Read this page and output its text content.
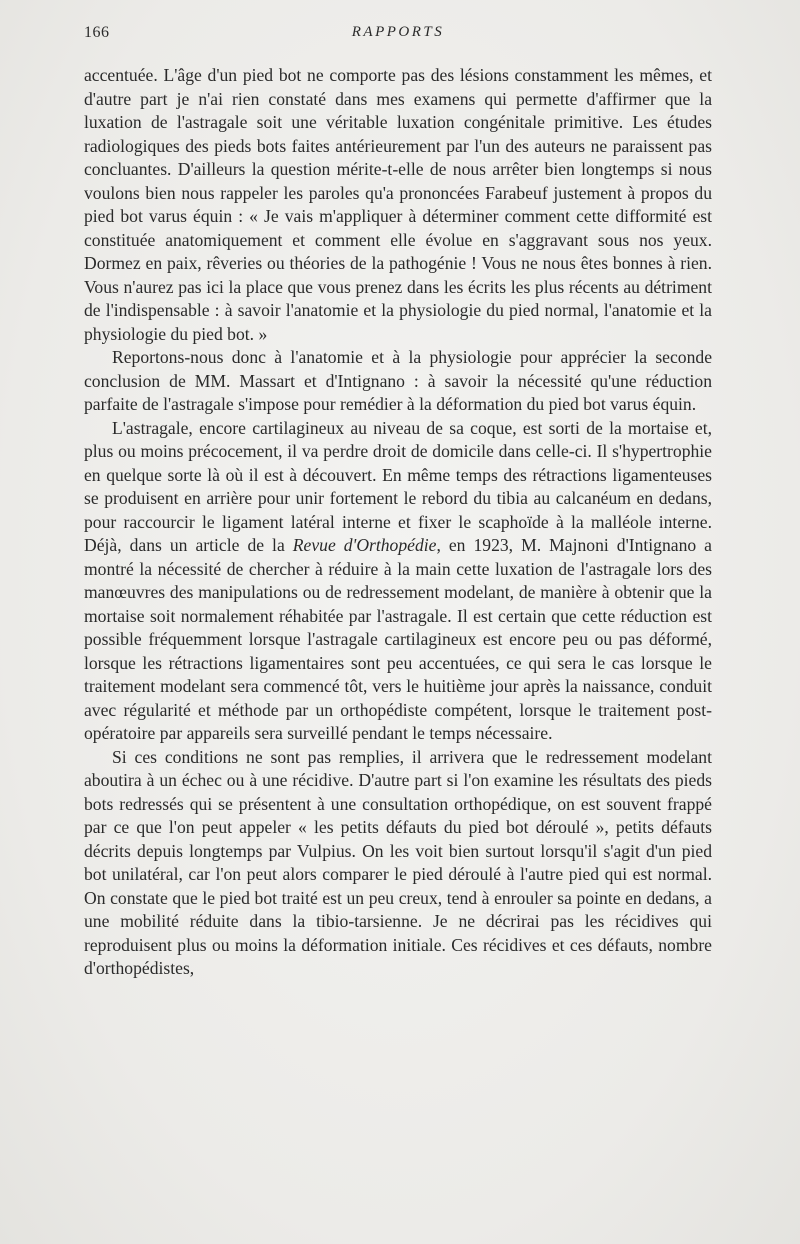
166	RAPPORTS

accentuée. L'âge d'un pied bot ne comporte pas des lésions constamment les mêmes, et d'autre part je n'ai rien constaté dans mes examens qui permette d'affirmer que la luxation de l'astragale soit une véritable luxation congénitale primitive. Les études radiologiques des pieds bots faites antérieurement par l'un des auteurs ne paraissent pas concluantes. D'ailleurs la question mérite-t-elle de nous arrêter bien longtemps si nous voulons bien nous rappeler les paroles qu'a prononcées Farabeuf justement à propos du pied bot varus équin : « Je vais m'appliquer à déterminer comment cette difformité est constituée anatomiquement et comment elle évolue en s'aggravant sous nos yeux. Dormez en paix, rêveries ou théories de la pathogénie ! Vous ne nous êtes bonnes à rien. Vous n'aurez pas ici la place que vous prenez dans les écrits les plus récents au détriment de l'indispensable : à savoir l'anatomie et la physiologie du pied normal, l'anatomie et la physiologie du pied bot. »

Reportons-nous donc à l'anatomie et à la physiologie pour apprécier la seconde conclusion de MM. Massart et d'Intignano : à savoir la nécessité qu'une réduction parfaite de l'astragale s'impose pour remédier à la déformation du pied bot varus équin.

L'astragale, encore cartilagineux au niveau de sa coque, est sorti de la mortaise et, plus ou moins précocement, il va perdre droit de domicile dans celle-ci. Il s'hypertrophie en quelque sorte là où il est à découvert. En même temps des rétractions ligamenteuses se produisent en arrière pour unir fortement le rebord du tibia au calcanéum en dedans, pour raccourcir le ligament latéral interne et fixer le scaphoïde à la malléole interne. Déjà, dans un article de la Revue d'Orthopédie, en 1923, M. Majnoni d'Intignano a montré la nécessité de chercher à réduire à la main cette luxation de l'astragale lors des manœuvres des manipulations ou de redressement modelant, de manière à obtenir que la mortaise soit normalement réhabitée par l'astragale. Il est certain que cette réduction est possible fréquemment lorsque l'astragale cartilagineux est encore peu ou pas déformé, lorsque les rétractions ligamentaires sont peu accentuées, ce qui sera le cas lorsque le traitement modelant sera commencé tôt, vers le huitième jour après la naissance, conduit avec régularité et méthode par un orthopédiste compétent, lorsque le traitement post-opératoire par appareils sera surveillé pendant le temps nécessaire.

Si ces conditions ne sont pas remplies, il arrivera que le redressement modelant aboutira à un échec ou à une récidive. D'autre part si l'on examine les résultats des pieds bots redressés qui se présentent à une consultation orthopédique, on est souvent frappé par ce que l'on peut appeler « les petits défauts du pied bot déroulé », petits défauts décrits depuis longtemps par Vulpius. On les voit bien surtout lorsqu'il s'agit d'un pied bot unilatéral, car l'on peut alors comparer le pied déroulé à l'autre pied qui est normal. On constate que le pied bot traité est un peu creux, tend à enrouler sa pointe en dedans, a une mobilité réduite dans la tibio-tarsienne. Je ne décrirai pas les récidives qui reproduisent plus ou moins la déformation initiale. Ces récidives et ces défauts, nombre d'orthopédistes,
